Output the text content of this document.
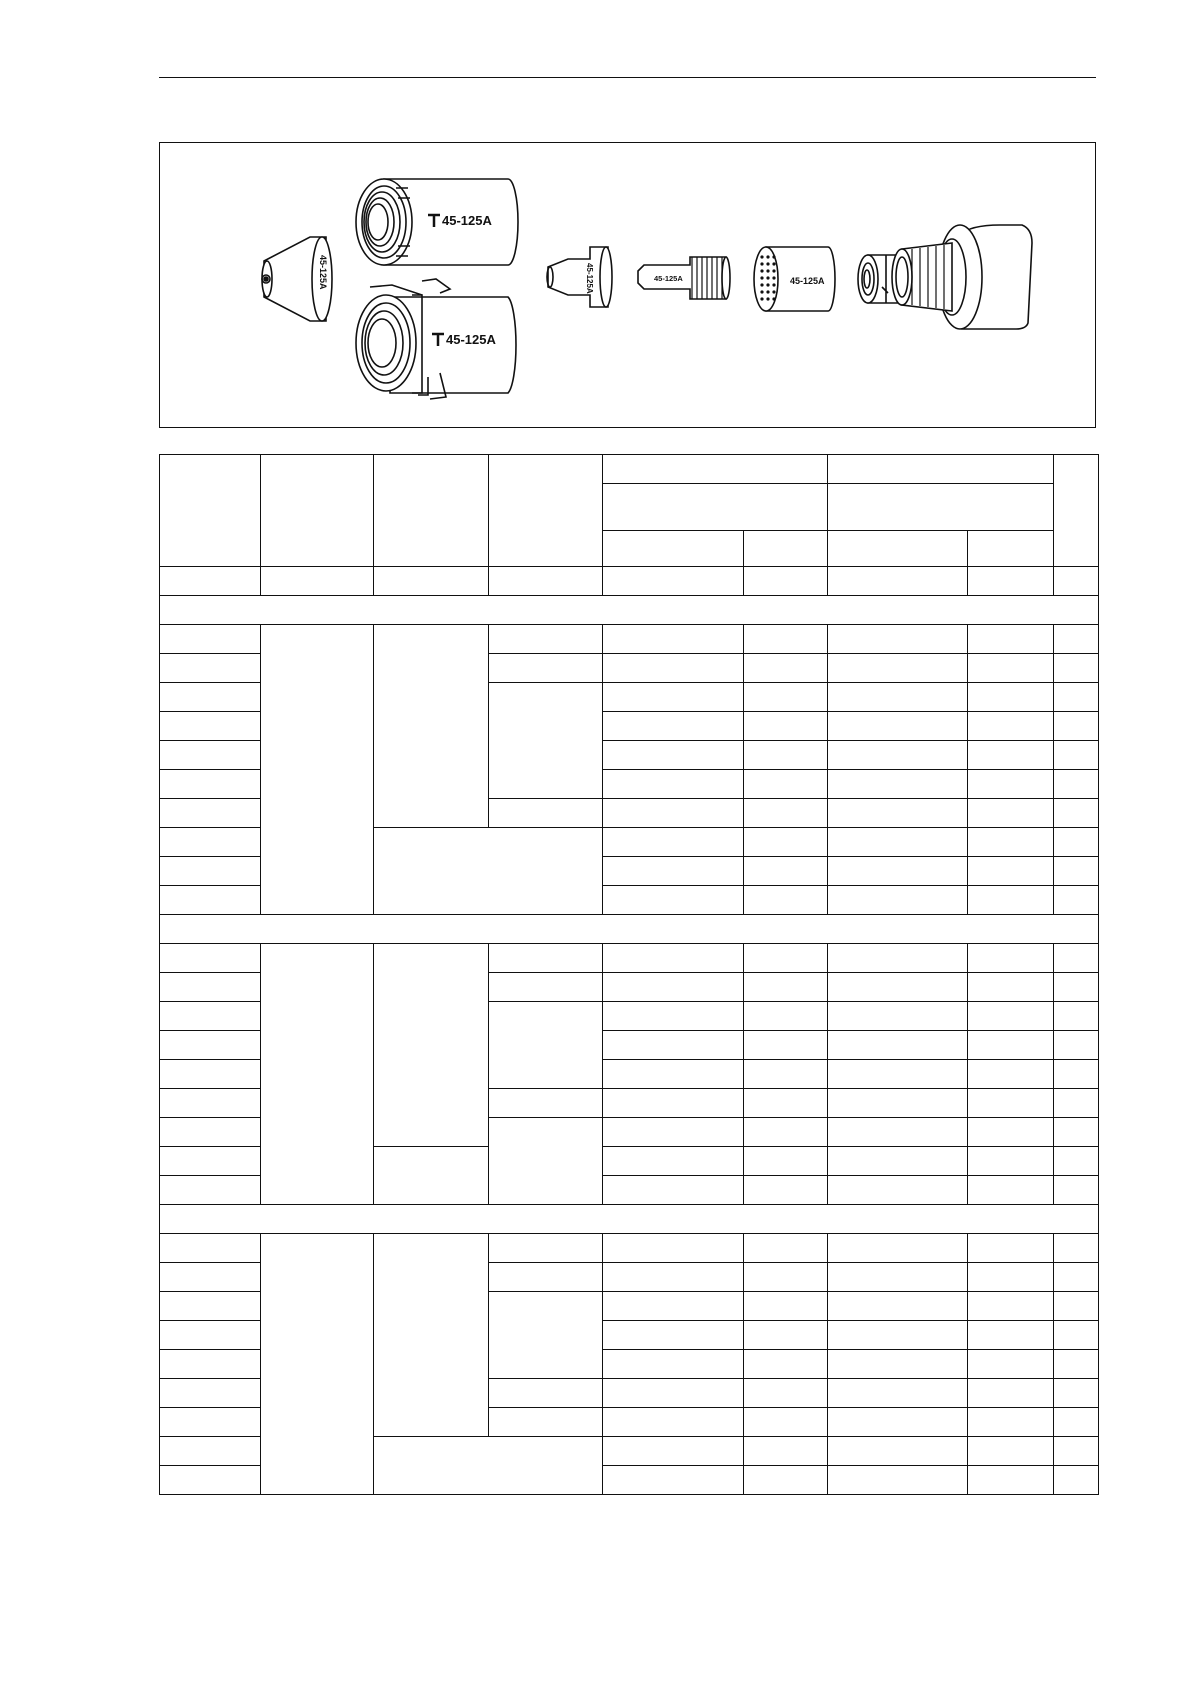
45-125A
45-125A
45-125A
45-125A	45-125A	45-125A
